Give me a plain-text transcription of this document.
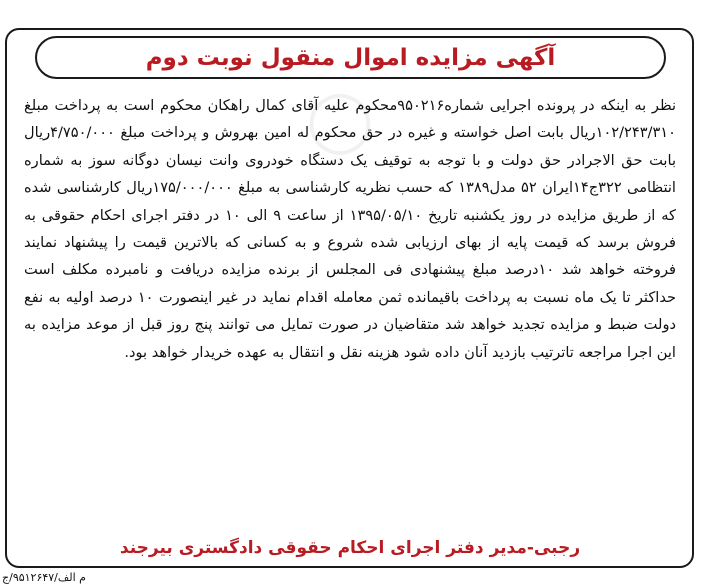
◯
آگهی مزایده اموال منقول نوبت دوم
نظر به اینکه در پرونده اجرایی شماره۹۵۰۲۱۶محکوم علیه آقای کمال راهکان محکوم است به پرداخت مبلغ ۱۰۲/۲۴۳/۳۱۰ریال بابت اصل خواسته و غیره در حق محکوم له امین بهروش و پرداخت مبلغ ۴/۷۵۰/۰۰۰ریال بابت حق الاجرادر حق دولت و با توجه به توقیف یک دستگاه خودروی وانت نیسان دوگانه سوز به شماره انتظامی ۳۲۲ج۱۴ایران ۵۲ مدل۱۳۸۹ که حسب نظریه کارشناسی به مبلغ ۱۷۵/۰۰۰/۰۰۰ریال کارشناسی شده که از طریق مزایده در روز یکشنبه تاریخ ۱۳۹۵/۰۵/۱۰ از ساعت ۹ الی ۱۰ در دفتر اجرای احکام حقوقی به فروش برسد که قیمت پایه از بهای ارزیابی شده شروع و به کسانی که بالاترین قیمت را پیشنهاد نمایند فروخته خواهد شد ۱۰درصد مبلغ پیشنهادی فی المجلس از برنده مزایده دریافت و نامبرده مکلف است حداکثر تا یک ماه نسبت به پرداخت باقیمانده ثمن معامله اقدام نماید در غیر اینصورت ۱۰ درصد اولیه به نفع دولت ضبط و مزایده تجدید خواهد شد متقاضیان در صورت تمایل می توانند پنج روز قبل از موعد مزایده به این اجرا مراجعه تاترتیب بازدید آنان داده شود هزینه نقل و انتقال به عهده خریدار خواهد بود.
رجبی-مدیر دفتر اجرای احکام حقوقی دادگستری بیرجند
م الف/۹۵۱۲۶۴۷/ج
